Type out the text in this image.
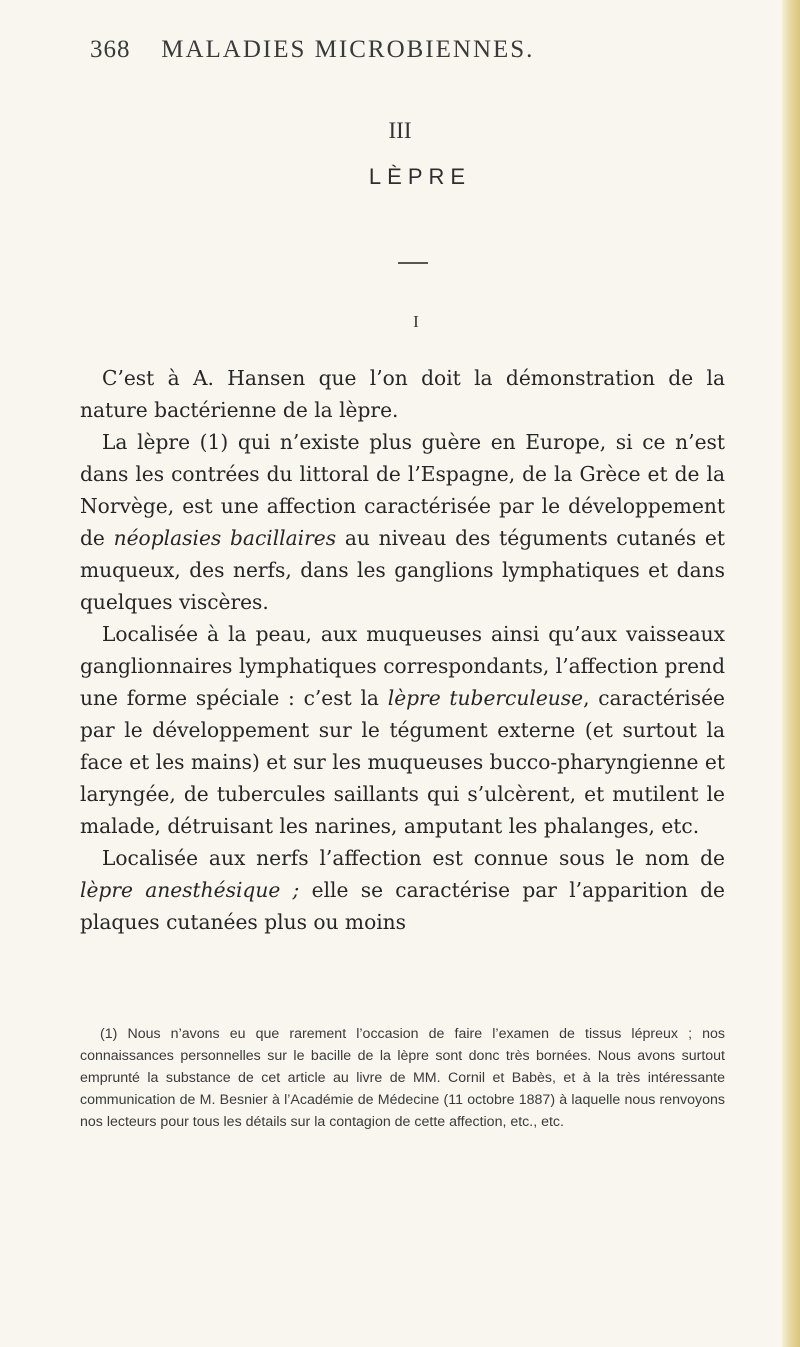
368 MALADIES MICROBIENNES.
III
LÈPRE
I

C’est à A. Hansen que l’on doit la démonstration de la nature bactérienne de la lèpre.

La lèpre (1) qui n’existe plus guère en Europe, si ce n’est dans les contrées du littoral de l’Espagne, de la Grèce et de la Norvège, est une affection caractérisée par le développement de néoplasies bacillaires au niveau des téguments cutanés et muqueux, des nerfs, dans les ganglions lymphatiques et dans quelques viscères.

Localisée à la peau, aux muqueuses ainsi qu’aux vaisseaux ganglionnaires lymphatiques correspondants, l’affection prend une forme spéciale : c’est la lèpre tuberculeuse, caractérisée par le développement sur le tégument externe (et surtout la face et les mains) et sur les muqueuses bucco-pharyngienne et laryngée, de tubercules saillants qui s’ulcèrent, et mutilent le malade, détruisant les narines, amputant les phalanges, etc.

Localisée aux nerfs l’affection est connue sous le nom de lèpre anesthésique ; elle se caractérise par l’apparition de plaques cutanées plus ou moins

(1) Nous n’avons eu que rarement l’occasion de faire l’examen de tissus lépreux ; nos connaissances personnelles sur le bacille de la lèpre sont donc très bornées. Nous avons surtout emprunté la substance de cet article au livre de MM. Cornil et Babès, et à la très intéressante communication de M. Besnier à l’Académie de Médecine (11 octobre 1887) à laquelle nous renvoyons nos lecteurs pour tous les détails sur la contagion de cette affection, etc., etc.
